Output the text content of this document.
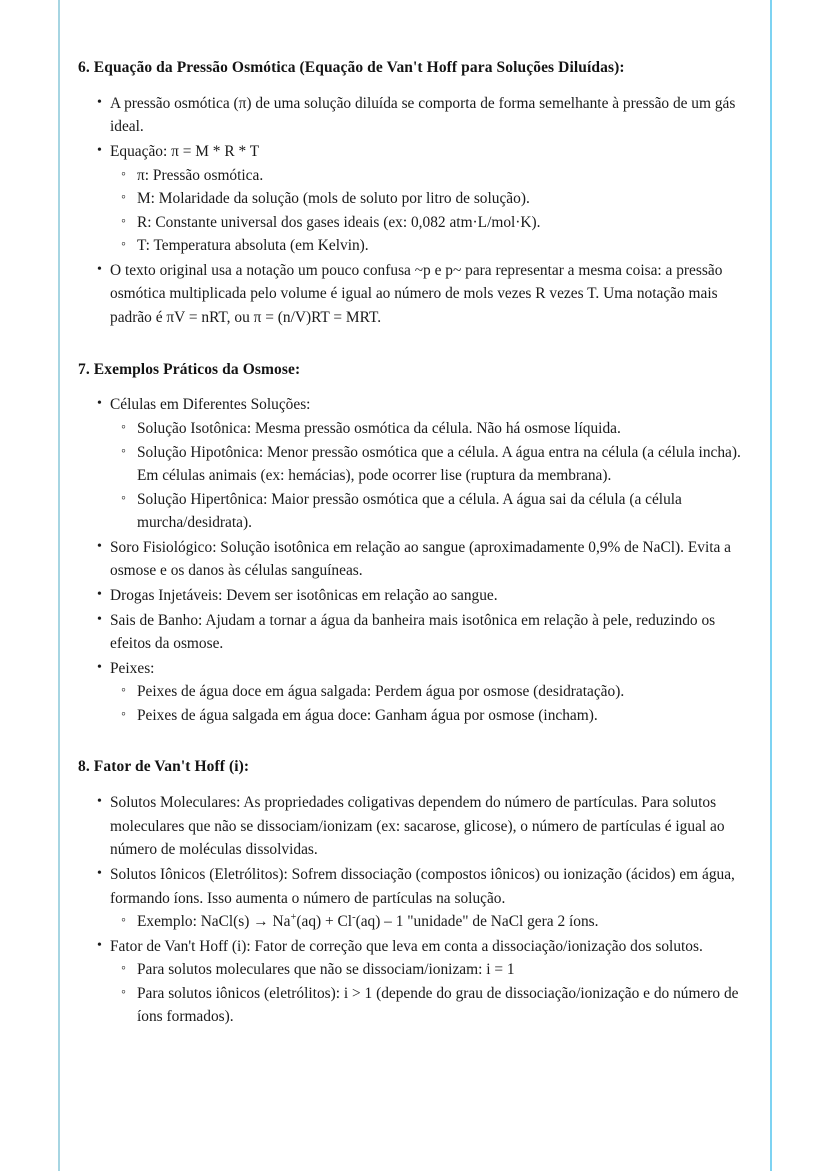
6. Equação da Pressão Osmótica (Equação de Van't Hoff para Soluções Diluídas):
• A pressão osmótica (π) de uma solução diluída se comporta de forma semelhante à pressão de um gás ideal.
• Equação: π = M * R * T
◦ π: Pressão osmótica.
◦ M: Molaridade da solução (mols de soluto por litro de solução).
◦ R: Constante universal dos gases ideais (ex: 0,082 atm·L/mol·K).
◦ T: Temperatura absoluta (em Kelvin).
• O texto original usa a notação um pouco confusa ~p e p~ para representar a mesma coisa: a pressão osmótica multiplicada pelo volume é igual ao número de mols vezes R vezes T. Uma notação mais padrão é πV = nRT, ou π = (n/V)RT = MRT.
7. Exemplos Práticos da Osmose:
• Células em Diferentes Soluções:
◦ Solução Isotônica: Mesma pressão osmótica da célula. Não há osmose líquida.
◦ Solução Hipotônica: Menor pressão osmótica que a célula. A água entra na célula (a célula incha). Em células animais (ex: hemácias), pode ocorrer lise (ruptura da membrana).
◦ Solução Hipertônica: Maior pressão osmótica que a célula. A água sai da célula (a célula murcha/desidrata).
• Soro Fisiológico: Solução isotônica em relação ao sangue (aproximadamente 0,9% de NaCl). Evita a osmose e os danos às células sanguíneas.
• Drogas Injetáveis: Devem ser isotônicas em relação ao sangue.
• Sais de Banho: Ajudam a tornar a água da banheira mais isotônica em relação à pele, reduzindo os efeitos da osmose.
• Peixes:
◦ Peixes de água doce em água salgada: Perdem água por osmose (desidratação).
◦ Peixes de água salgada em água doce: Ganham água por osmose (incham).
8. Fator de Van't Hoff (i):
• Solutos Moleculares: As propriedades coligativas dependem do número de partículas. Para solutos moleculares que não se dissociam/ionizam (ex: sacarose, glicose), o número de partículas é igual ao número de moléculas dissolvidas.
• Solutos Iônicos (Eletrólitos): Sofrem dissociação (compostos iônicos) ou ionização (ácidos) em água, formando íons. Isso aumenta o número de partículas na solução.
◦ Exemplo: NaCl(s) → Na+(aq) + Cl-(aq) – 1 "unidade" de NaCl gera 2 íons.
• Fator de Van't Hoff (i): Fator de correção que leva em conta a dissociação/ionização dos solutos.
◦ Para solutos moleculares que não se dissociam/ionizam: i = 1
◦ Para solutos iônicos (eletrólitos): i > 1 (depende do grau de dissociação/ionização e do número de íons formados).
